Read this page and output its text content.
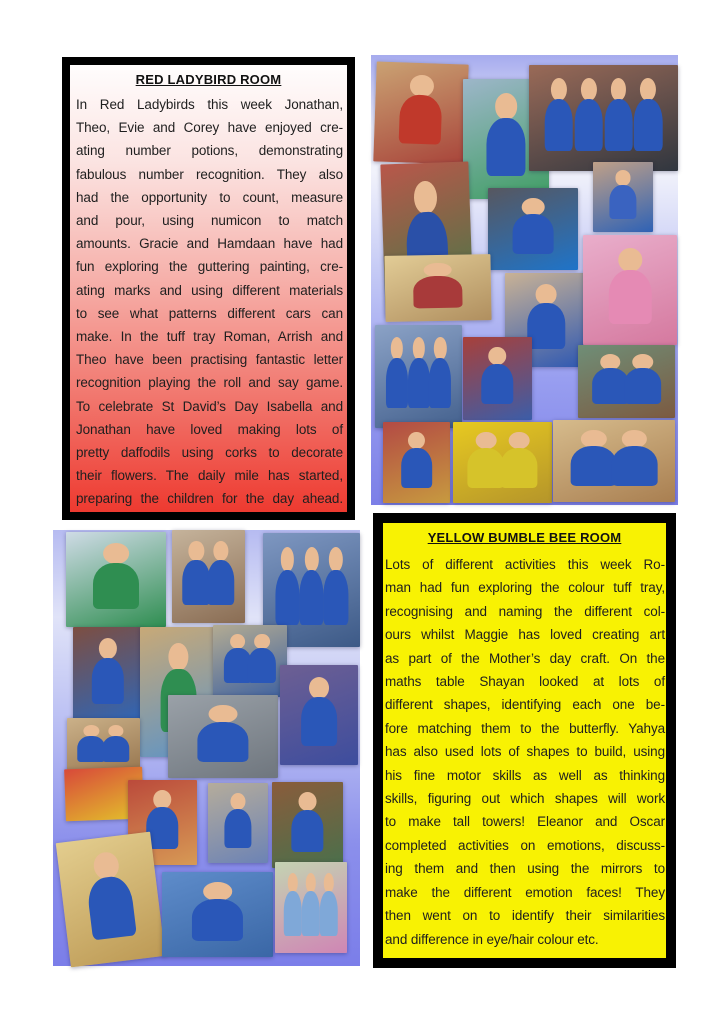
RED LADYBIRD ROOM
In Red Ladybirds this week Jonathan,
Theo, Evie and Corey have enjoyed cre-
ating number potions, demonstrating
fabulous number recognition. They also
had the opportunity to count, measure
and pour, using numicon to match
amounts. Gracie and Hamdaan have had
fun exploring the guttering painting, cre-
ating marks and using different materials
to see what patterns different cars can
make. In the tuff tray Roman, Arrish and
Theo have been practising fantastic letter
recognition playing the roll and say game.
To celebrate St David’s Day Isabella and
Jonathan have loved making lots of
pretty daffodils using corks to decorate
their flowers. The daily mile has started,
preparing the children for the day ahead.
YELLOW BUMBLE BEE ROOM
Lots of different activities this week Ro-
man had fun exploring the colour tuff tray,
recognising and naming the different col-
ours whilst Maggie has loved creating art
as part of the Mother’s day craft. On the
maths table Shayan looked at lots of
different shapes, identifying each one be-
fore matching them to the butterfly. Yahya
has also used lots of shapes to build, using
his fine motor skills as well as thinking
skills, figuring out which shapes will work
to make tall towers! Eleanor and Oscar
completed activities on emotions, discuss-
ing them and then using the mirrors to
make the different emotion faces! They
then went on to identify their similarities
and difference in eye/hair colour etc.
